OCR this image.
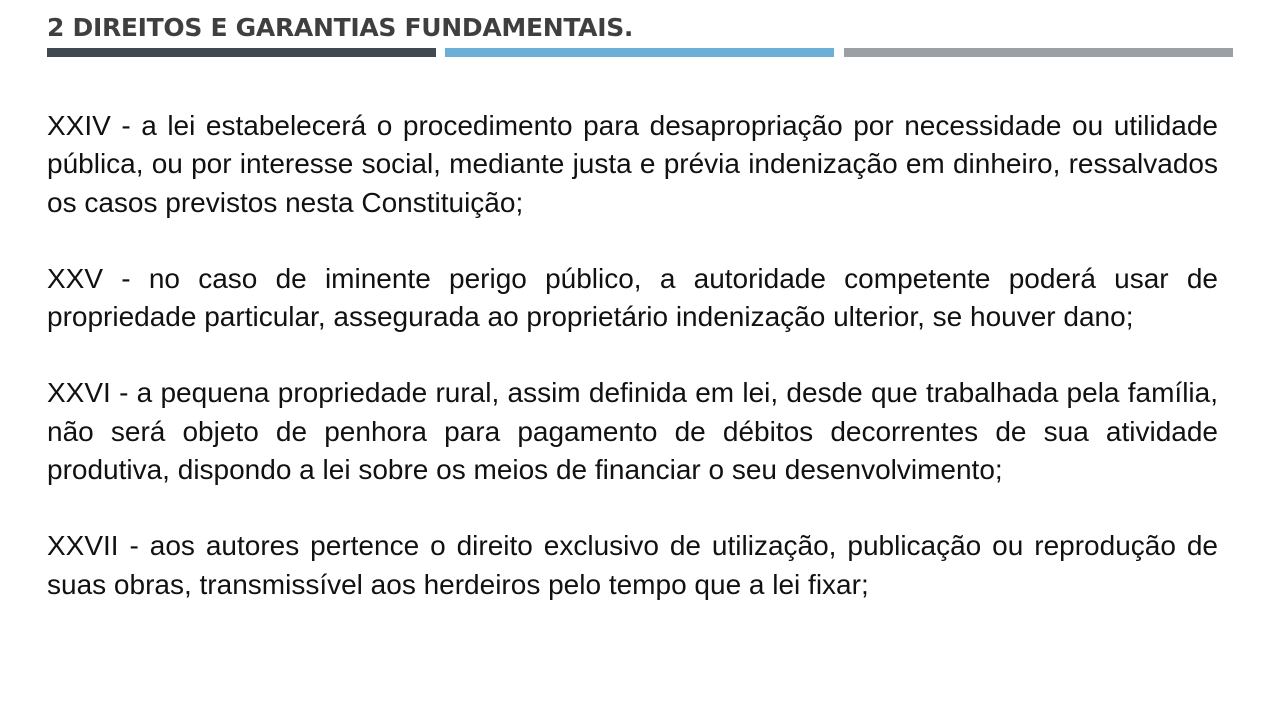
2 DIREITOS E GARANTIAS FUNDAMENTAIS.

XXIV - a lei estabelecerá o procedimento para desapropriação por necessidade ou utilidade pública, ou por interesse social, mediante justa e prévia indenização em dinheiro, ressalvados os casos previstos nesta Constituição;

XXV - no caso de iminente perigo público, a autoridade competente poderá usar de propriedade particular, assegurada ao proprietário indenização ulterior, se houver dano;

XXVI - a pequena propriedade rural, assim definida em lei, desde que trabalhada pela família, não será objeto de penhora para pagamento de débitos decorrentes de sua atividade produtiva, dispondo a lei sobre os meios de financiar o seu desenvolvimento;

XXVII - aos autores pertence o direito exclusivo de utilização, publicação ou reprodução de suas obras, transmissível aos herdeiros pelo tempo que a lei fixar;
